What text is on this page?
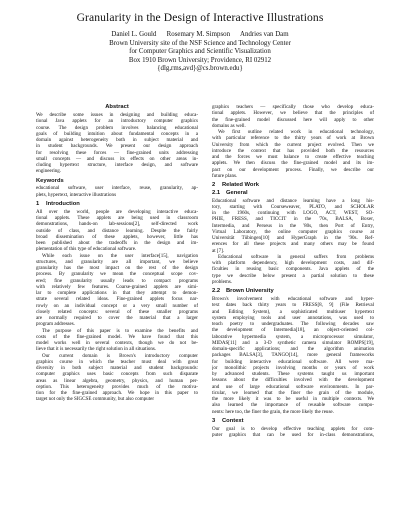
Granularity in the Design of Interactive Illustrations
Daniel L. Gould      Rosemary M. Simpson      Andries van Dam
Brown University site of the NSF Science and Technology Center
for Computer Graphics and Scientific Visualization
Box 1910 Brown University; Providence, RI 02912
{dlg,rms,avd}@cs.brown.edu}
Abstract
We describe some issues in designing and building educa-
tional Java applets for an introductory computer graphics
course. The design problem involves balancing educational
goals of building intuition about fundamental concepts in a
domain against heterogeneity both in subject material and
in student backgrounds. We present our design approach
for resolving these forces — fine-grained units addressing
small concepts — and discuss its effects on other areas in-
cluding hypertext structure, interface design, and software
engineering.
Keywords
educational software, user interface, reuse, granularity, ap-
plets, hypertext, interactive illustrations
1 Introduction
All over the world, people are developing interactive educa-
tional applets. These applets are being used in classroom
demonstrations, hands-on lab-sessions[2], self-directed work
outside of class, and distance learning. Despite the fairly
broad dissemination of these applets, however, little has
been published about the tradeoffs in the design and im-
plementation of this type of educational software.
While each issue on the user interface[15], navigation
structures, and granularity are all important, we believe
granularity has the most impact on the rest of the design
process. By granularity we mean the conceptual scope cov-
ered; fine granularity usually leads to compact programs
with relatively few features. Coarse-grained applets are simi-
lar to complete applications in that they attempt to demon-
strate several related ideas. Fine-grained applets focus nar-
rowly on an individual concept or a very small number of
closely related concepts: several of these smaller programs
are normally required to cover the material that a larger
program addresses.
The purpose of this paper is to examine the benefits and
costs of the fine-grained model. We have found that this
model works well in several contexts, though we do not be-
lieve that it is necessarily the right solution in all situations.
Our current domain is Brown's introductory computer
graphics course in which the teacher must deal with great
diversity in both subject material and student backgrounds:
computer graphics uses basic concepts from such disparate
areas as linear algebra, geometry, physics, and human per-
ception. This heterogeneity provides much of the motiva-
tion for the fine-grained approach. We hope in this paper to
target not only the SIGCSE community, but also computer
graphics teachers — specifically those who develop educa-
tional applets. However, we believe that the principles of
the fine-grained model discussed here will apply to other
domains as well.
We first outline related work in educational technology,
with particular reference to the thirty years of work at Brown
University from which the current project evolved. Then we
introduce the context that has provided both the resources
and the forces we must balance to create effective teaching
applets. We then discuss the fine-grained model and its im-
pact on our development process. Finally, we describe our
future plans.
2 Related Work
2.1 General
Educational software and distance learning have a long his-
tory, starting with Courseweaver, PLATO, and SCHOLAR
in the 1960s, continuing with LOGO, ACT, WEST, SO-
PHIE, FRESS, and TICCIT in the '70s, BALSA, Boxer,
Intermedia, and Perseus in the '80s, then Port of Entry,
Virtual Laboratory, the online computer graphics course at
Universität Tübingen[10] and HyperGraph in the '90s. Ref-
erences for all these projects and many others may be found
at [7].
Educational software in general suffers from problems
with platform dependency, high development costs, and dif-
ficulties in reusing basic components. Java applets of the
type we describe below present a partial solution to these
problems.
2.2 Brown University
Brown's involvement with educational software and hyper-
text dates back thirty years to FRESS[8, 9] (File Retrieval
and Editing System), a sophisticated multiuser hypertext
system employing tools and user annotations, was used to
teach poetry to undergraduates. The following decades saw
the development of Intermedia[18], an object-oriented col-
laborative hypermedia system, a microprocessor simulator,
MIDAS[11] and a 3-D synthetic camera simulator ROMPS[19],
domain-specific applications; and the algorithm animation
packages BALSA[3], TANGO[14], more general frameworks
for building interactive educational software. All were ma-
jor monolithic projects involving months or years of work
by advanced students. These systems taught us important
lessons about the difficulties involved with the development
and use of large educational software environments. In par-
ticular, we learned that the finer the grain of the module,
the more likely it was to be useful in multiple contexts. We
also learned the importance of reusable software compo-
nents: here too, the finer the grain, the more likely the reuse.
3 Context
Our goal is to develop effective teaching applets for com-
puter graphics that can be used for in-class demonstrations,
